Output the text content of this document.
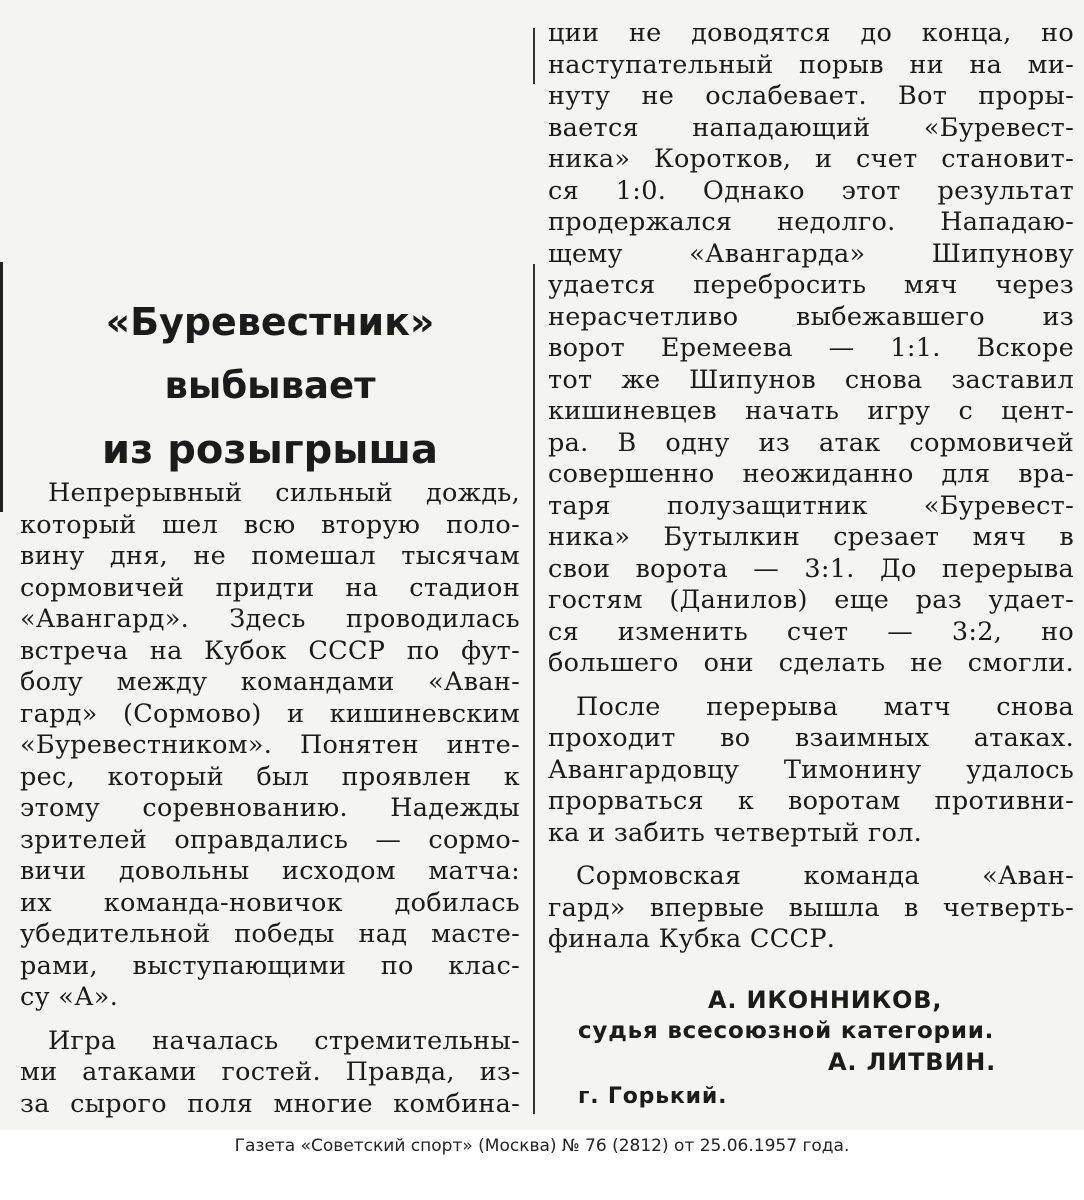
«Буревестник»
выбывает
из розыгрыша
Непрерывный сильный дождь,
который шел всю вторую поло-
вину дня, не помешал тысячам
сормовичей придти на стадион
«Авангард». Здесь проводилась
встреча на Кубок СССР по фут-
болу между командами «Аван-
гард» (Сормово) и кишиневским
«Буревестником». Понятен инте-
рес, который был проявлен к
этому соревнованию. Надежды
зрителей оправдались — сормо-
вичи довольны исходом матча:
их команда-новичок добилась
убедительной победы над масте-
рами, выступающими по клас-
су «А».
Игра началась стремительны-
ми атаками гостей. Правда, из-
за сырого поля многие комбина-
ции не доводятся до конца, но
наступательный порыв ни на ми-
нуту не ослабевает. Вот проры-
вается нападающий «Буревест-
ника» Коротков, и счет становит-
ся 1:0. Однако этот результат
продержался недолго. Нападаю-
щему «Авангарда» Шипунову
удается перебросить мяч через
нерасчетливо выбежавшего из
ворот Еремеева — 1:1. Вскоре
тот же Шипунов снова заставил
кишиневцев начать игру с цент-
ра. В одну из атак сормовичей
совершенно неожиданно для вра-
таря полузащитник «Буревест-
ника» Бутылкин срезает мяч в
свои ворота — 3:1. До перерыва
гостям (Данилов) еще раз удает-
ся изменить счет — 3:2, но
большего они сделать не смогли.
После перерыва матч снова
проходит во взаимных атаках.
Авангардовцу Тимонину удалось
прорваться к воротам противни-
ка и забить четвертый гол.
Сормовская команда «Аван-
гард» впервые вышла в четверть-
финала Кубка СССР.
А. ИКОННИКОВ,
судья всесоюзной категории.
А. ЛИТВИН.
г. Горький.
Газета «Советский спорт» (Москва) № 76 (2812) от 25.06.1957 года.
